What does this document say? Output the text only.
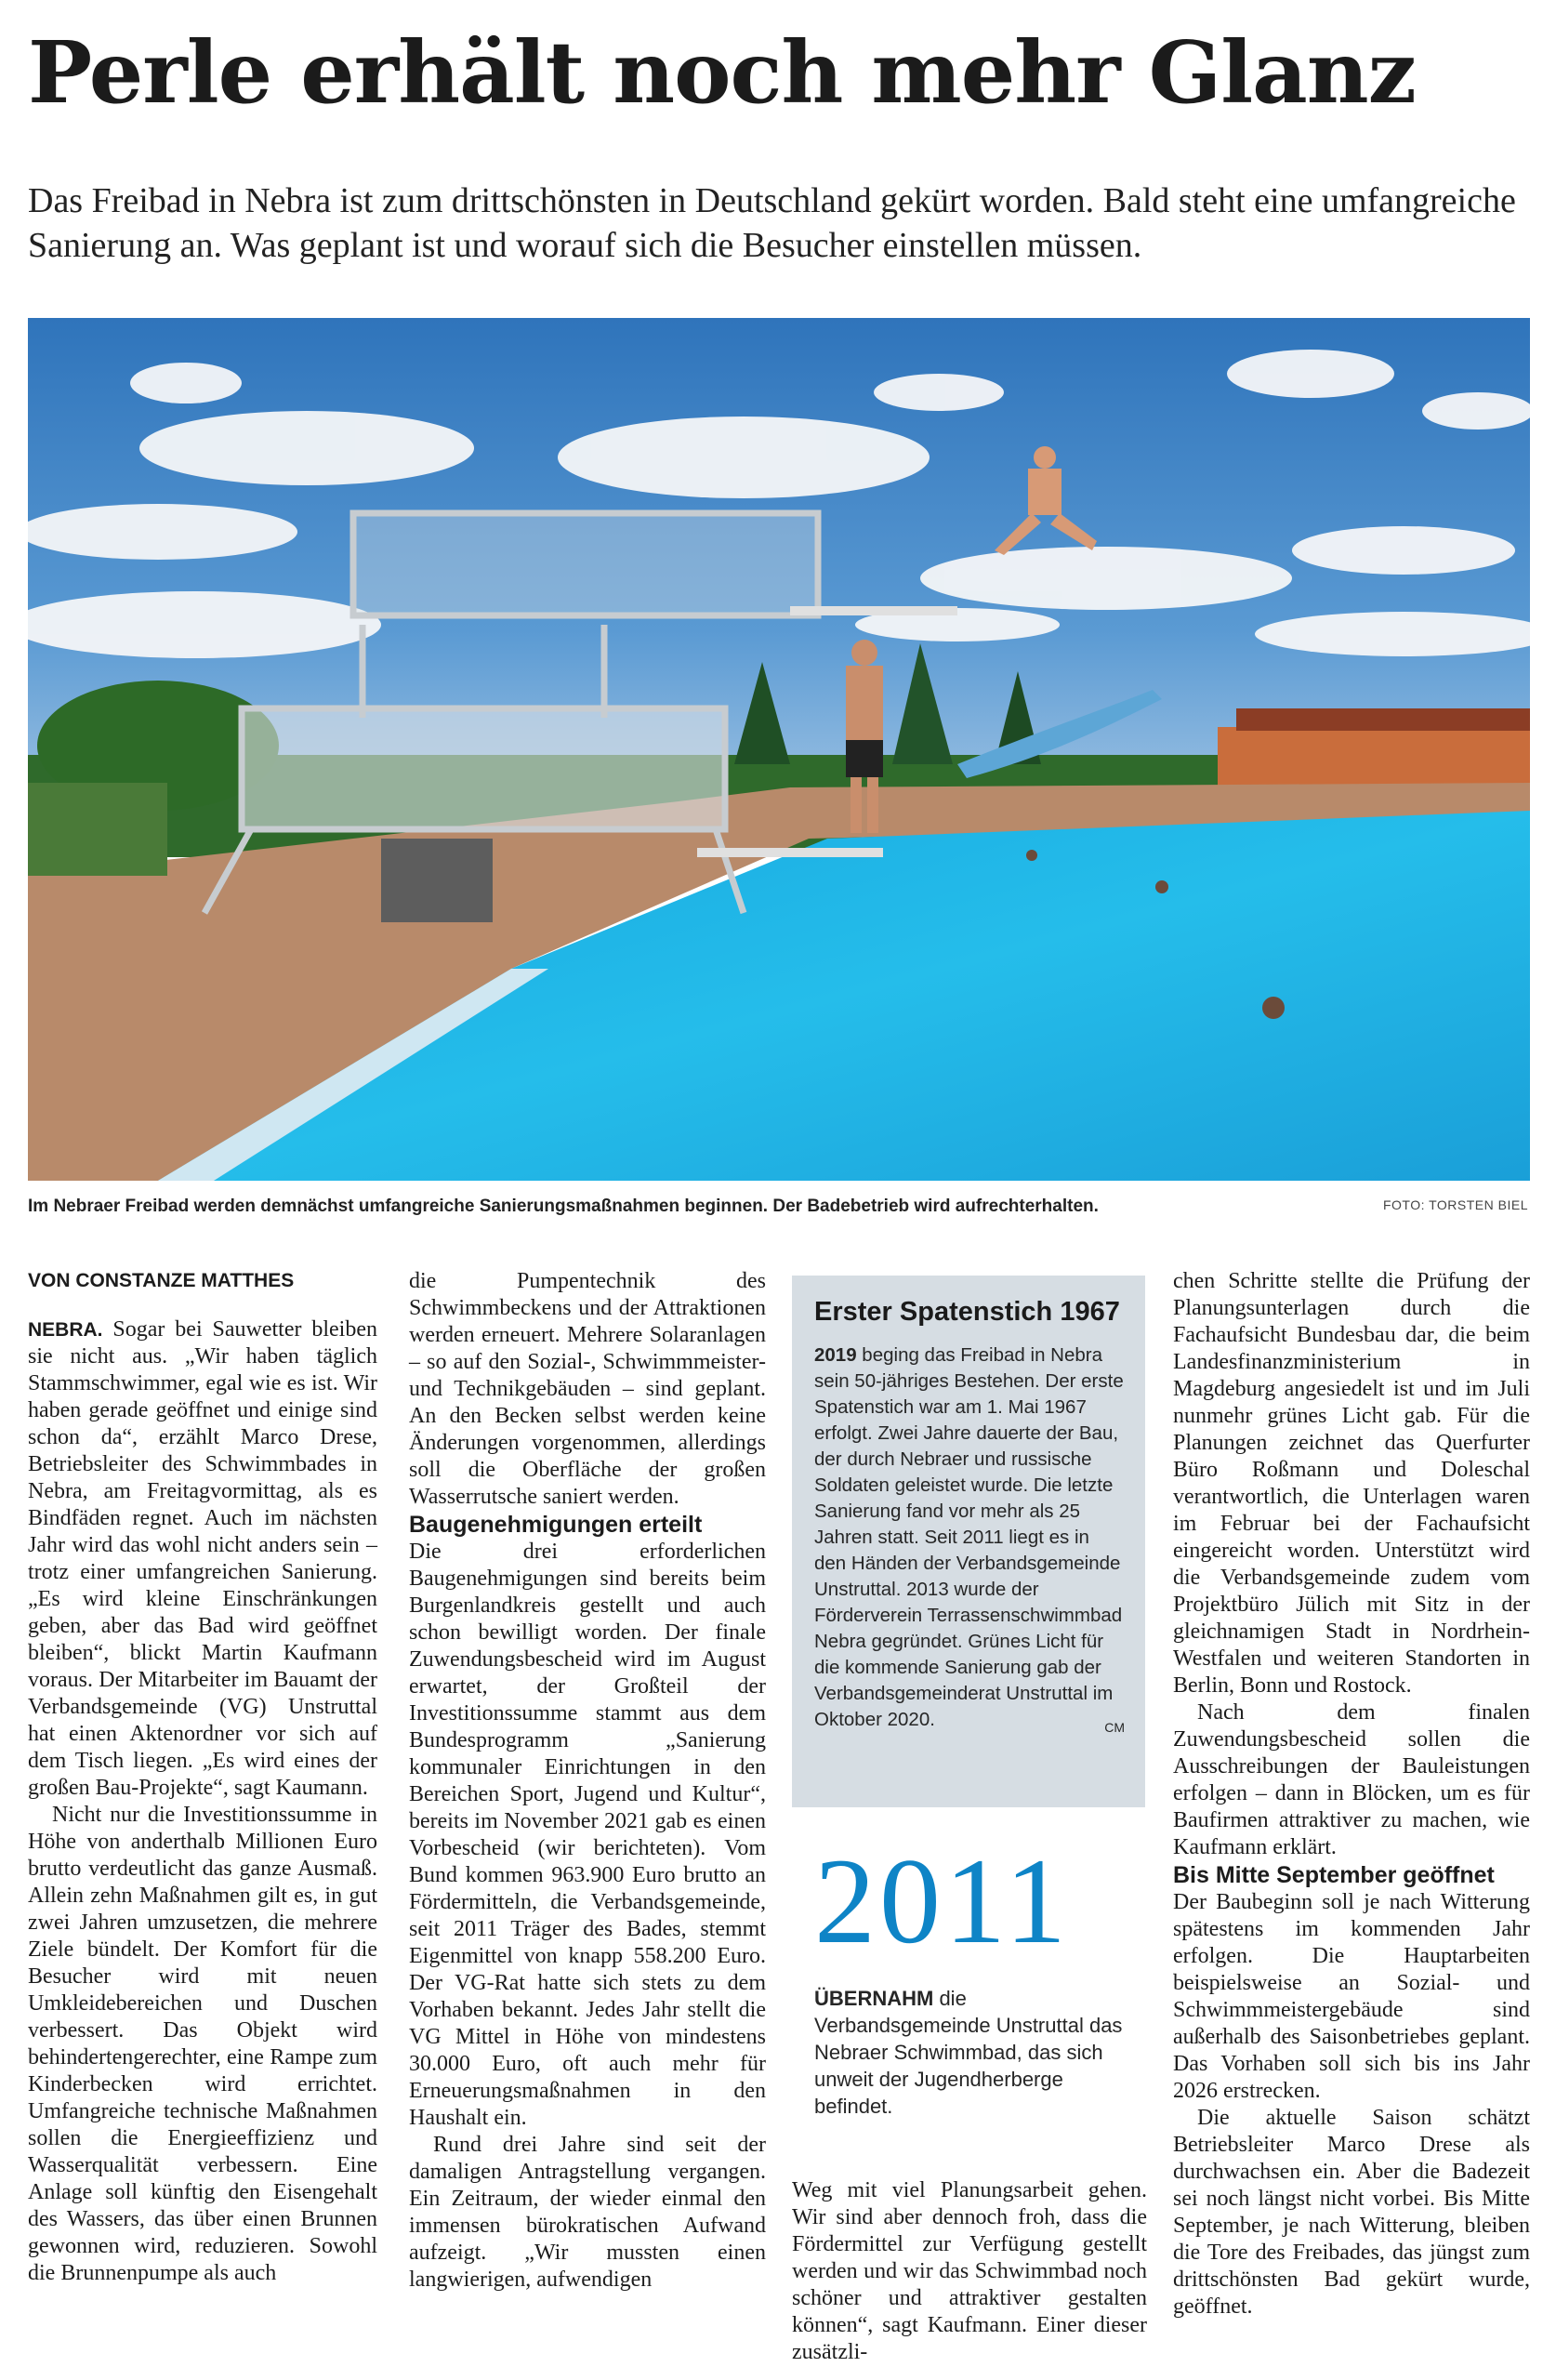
Perle erhält noch mehr Glanz

Das Freibad in Nebra ist zum drittschönsten in Deutschland gekürt worden. Bald steht eine umfangreiche Sanierung an. Was geplant ist und worauf sich die Besucher einstellen müssen.

Im Nebraer Freibad werden demnächst umfangreiche Sanierungsmaßnahmen beginnen. Der Badebetrieb wird aufrechterhalten.	FOTO: TORSTEN BIEL

VON CONSTANZE MATTHES

NEBRA. Sogar bei Sauwetter bleiben sie nicht aus. „Wir haben täglich Stammschwimmer, egal wie es ist. Wir haben gerade geöffnet und einige sind schon da“, erzählt Marco Drese, Betriebsleiter des Schwimmbades in Nebra, am Freitagvormittag, als es Bindfäden regnet. Auch im nächsten Jahr wird das wohl nicht anders sein – trotz einer umfangreichen Sanierung. „Es wird kleine Einschränkungen geben, aber das Bad wird geöffnet bleiben“, blickt Martin Kaufmann voraus. Der Mitarbeiter im Bauamt der Verbandsgemeinde (VG) Unstruttal hat einen Aktenordner vor sich auf dem Tisch liegen. „Es wird eines der großen Bau-Projekte“, sagt Kaumann.

Nicht nur die Investitionssumme in Höhe von anderthalb Millionen Euro brutto verdeutlicht das ganze Ausmaß. Allein zehn Maßnahmen gilt es, in gut zwei Jahren umzusetzen, die mehrere Ziele bündelt. Der Komfort für die Besucher wird mit neuen Umkleidebereichen und Duschen verbessert. Das Objekt wird behindertengerechter, eine Rampe zum Kinderbecken wird errichtet. Umfangreiche technische Maßnahmen sollen die Energieeffizienz und Wasserqualität verbessern. Eine Anlage soll künftig den Eisengehalt des Wassers, das über einen Brunnen gewonnen wird, reduzieren. Sowohl die Brunnenpumpe als auch

die Pumpentechnik des Schwimmbeckens und der Attraktionen werden erneuert. Mehrere Solaranlagen – so auf den Sozial-, Schwimmmeister- und Technikgebäuden – sind geplant. An den Becken selbst werden keine Änderungen vorgenommen, allerdings soll die Oberfläche der großen Wasserrutsche saniert werden.

Baugenehmigungen erteilt

Die drei erforderlichen Baugenehmigungen sind bereits beim Burgenlandkreis gestellt und auch schon bewilligt worden. Der finale Zuwendungsbescheid wird im August erwartet, der Großteil der Investitionssumme stammt aus dem Bundesprogramm „Sanierung kommunaler Einrichtungen in den Bereichen Sport, Jugend und Kultur“, bereits im November 2021 gab es einen Vorbescheid (wir berichteten). Vom Bund kommen 963.900 Euro brutto an Fördermitteln, die Verbandsgemeinde, seit 2011 Träger des Bades, stemmt Eigenmittel von knapp 558.200 Euro. Der VG-Rat hatte sich stets zu dem Vorhaben bekannt. Jedes Jahr stellt die VG Mittel in Höhe von mindestens 30.000 Euro, oft auch mehr für Erneuerungsmaßnahmen in den Haushalt ein.

Rund drei Jahre sind seit der damaligen Antragstellung vergangen. Ein Zeitraum, der wieder einmal den immensen bürokratischen Aufwand aufzeigt. „Wir mussten einen langwierigen, aufwendigen

Erster Spatenstich 1967

2019 beging das Freibad in Nebra sein 50-jähriges Bestehen. Der erste Spatenstich war am 1. Mai 1967 erfolgt. Zwei Jahre dauerte der Bau, der durch Nebraer und russische Soldaten geleistet wurde. Die letzte Sanierung fand vor mehr als 25 Jahren statt. Seit 2011 liegt es in den Händen der Verbandsgemeinde Unstruttal. 2013 wurde der Förderverein Terrassenschwimmbad Nebra gegründet. Grünes Licht für die kommende Sanierung gab der Verbandsgemeinderat Unstruttal im Oktober 2020.	CM

2011

ÜBERNAHM die Verbandsgemeinde Unstruttal das Nebraer Schwimmbad, das sich unweit der Jugendherberge befindet.

Weg mit viel Planungsarbeit gehen. Wir sind aber dennoch froh, dass die Fördermittel zur Verfügung gestellt werden und wir das Schwimmbad noch schöner und attraktiver gestalten können“, sagt Kaufmann. Einer dieser zusätzli-

chen Schritte stellte die Prüfung der Planungsunterlagen durch die Fachaufsicht Bundesbau dar, die beim Landesfinanzministerium in Magdeburg angesiedelt ist und im Juli nunmehr grünes Licht gab. Für die Planungen zeichnet das Querfurter Büro Roßmann und Doleschal verantwortlich, die Unterlagen waren im Februar bei der Fachaufsicht eingereicht worden. Unterstützt wird die Verbandsgemeinde zudem vom Projektbüro Jülich mit Sitz in der gleichnamigen Stadt in Nordrhein-Westfalen und weiteren Standorten in Berlin, Bonn und Rostock.

Nach dem finalen Zuwendungsbescheid sollen die Ausschreibungen der Bauleistungen erfolgen – dann in Blöcken, um es für Baufirmen attraktiver zu machen, wie Kaufmann erklärt.

Bis Mitte September geöffnet

Der Baubeginn soll je nach Witterung spätestens im kommenden Jahr erfolgen. Die Hauptarbeiten beispielsweise an Sozial- und Schwimmmeistergebäude sind außerhalb des Saisonbetriebes geplant. Das Vorhaben soll sich bis ins Jahr 2026 erstrecken.

Die aktuelle Saison schätzt Betriebsleiter Marco Drese als durchwachsen ein. Aber die Badezeit sei noch längst nicht vorbei. Bis Mitte September, je nach Witterung, bleiben die Tore des Freibades, das jüngst zum drittschönsten Bad gekürt wurde, geöffnet.
